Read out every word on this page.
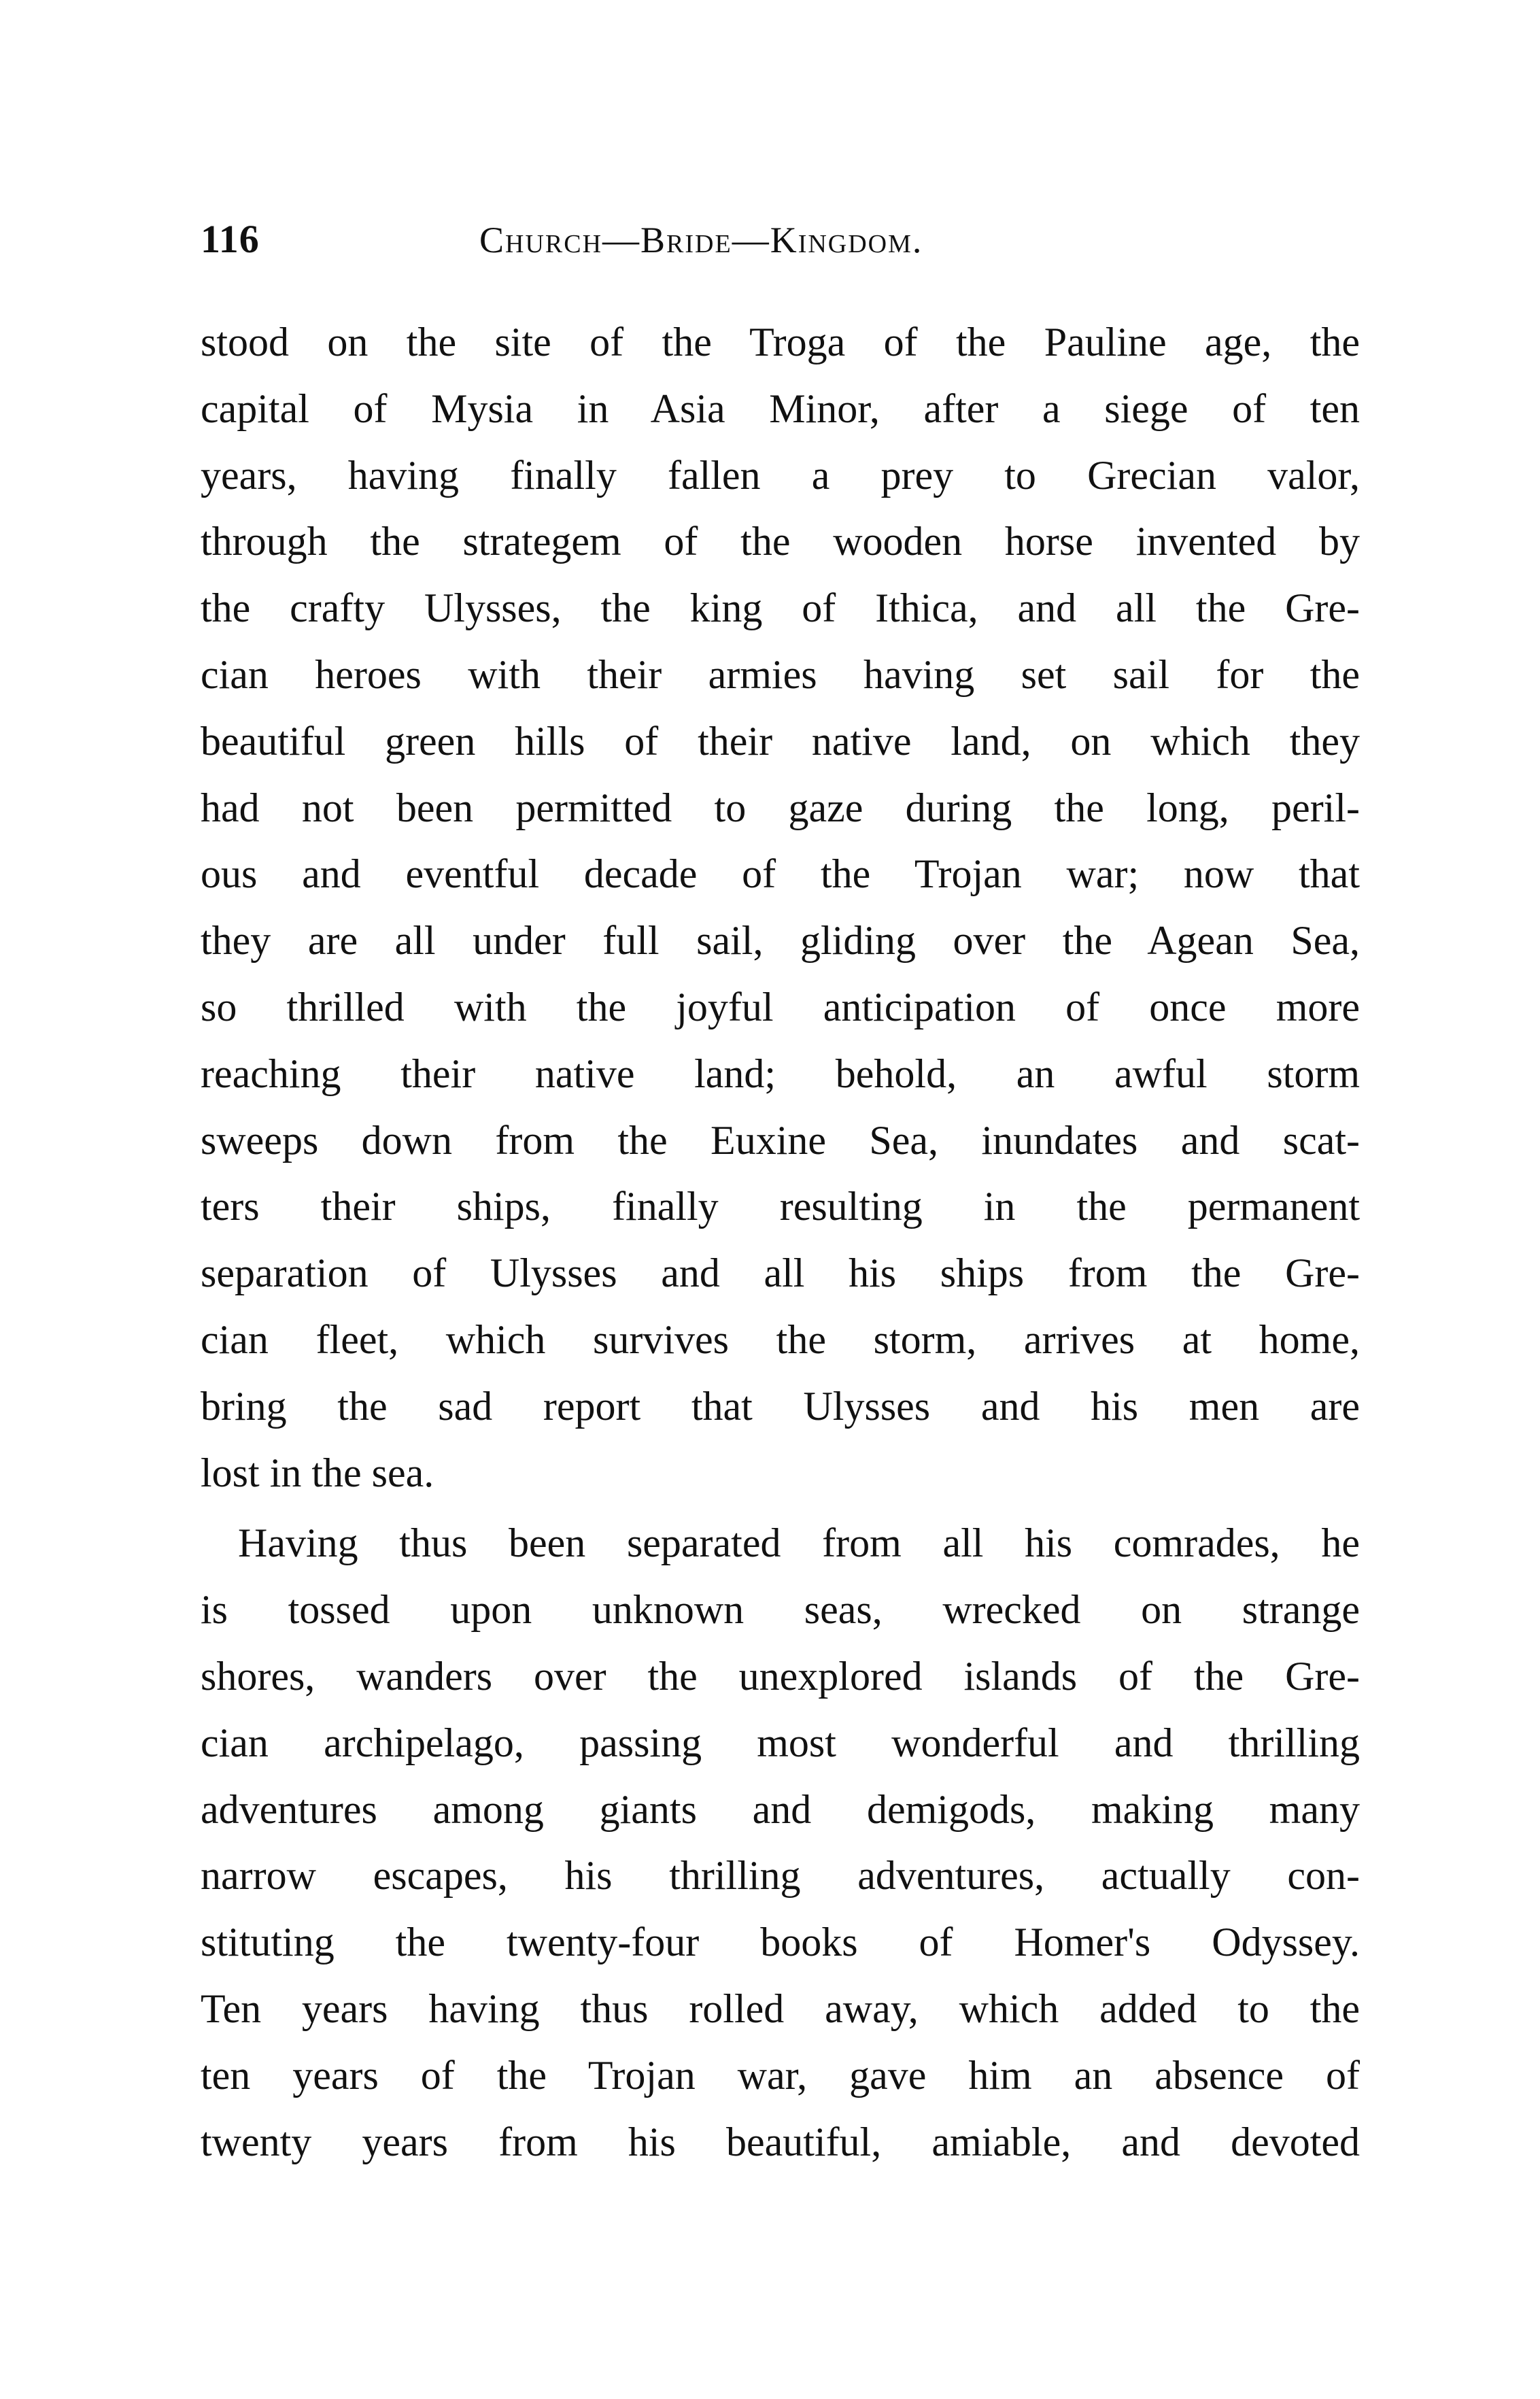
116	Church—Bride—Kingdom.
stood on the site of the Troga of the Pauline age, the
capital of Mysia in Asia Minor, after a siege of ten
years, having finally fallen a prey to Grecian valor,
through the strategem of the wooden horse invented by
the crafty Ulysses, the king of Ithica, and all the Gre-
cian heroes with their armies having set sail for the
beautiful green hills of their native land, on which they
had not been permitted to gaze during the long, peril-
ous and eventful decade of the Trojan war; now that
they are all under full sail, gliding over the Agean Sea,
so thrilled with the joyful anticipation of once more
reaching their native land; behold, an awful storm
sweeps down from the Euxine Sea, inundates and scat-
ters their ships, finally resulting in the permanent
separation of Ulysses and all his ships from the Gre-
cian fleet, which survives the storm, arrives at home,
bring the sad report that Ulysses and his men are
lost in the sea.
Having thus been separated from all his comrades, he
is tossed upon unknown seas, wrecked on strange
shores, wanders over the unexplored islands of the Gre-
cian archipelago, passing most wonderful and thrilling
adventures among giants and demigods, making many
narrow escapes, his thrilling adventures, actually con-
stituting the twenty-four books of Homer's Odyssey.
Ten years having thus rolled away, which added to the
ten years of the Trojan war, gave him an absence of
twenty years from his beautiful, amiable, and devoted
